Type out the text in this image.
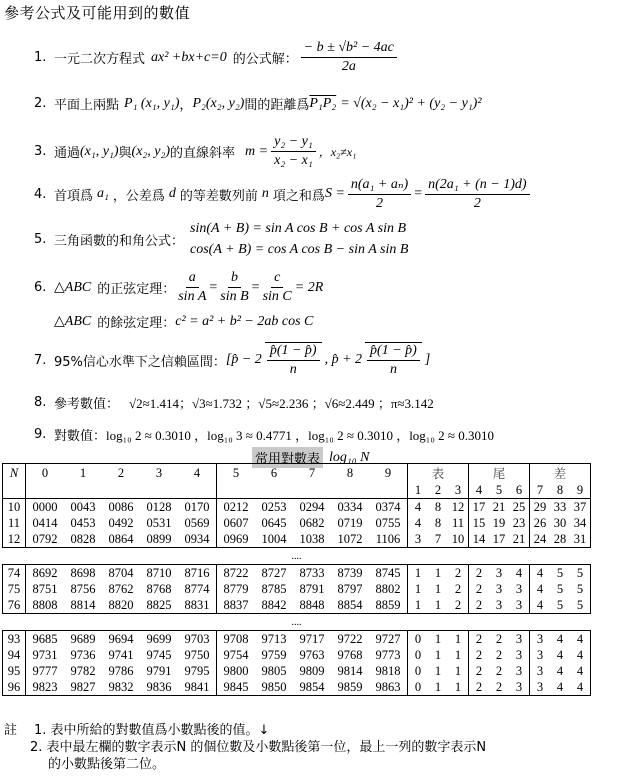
參考公式及可能用到的數值
1. 一元二次方程式 ax² +bx+c=0 的公式解： $\frac{\text{− b ± √b² − 4ac}}{2a}$
2. 平面上兩點 P₁ (x₁, y₁) ， P₂(x₂, y₂) 間的距離爲 P₁P₂ = √(x₂ − x₁)² + (y₂ − y₁)²
3. 通過 (x₁, y₁) 與 (x₂, y₂) 的直線斜率 $m = \frac{\text{y₂ − y₁}}{\text{x₂ − x₁}}$ ，x₂≠x₁
4. 首項爲 a₁ ，公差爲 d 的等差數列前 n 項之和爲 $S = \frac{\text{n(a₁ + aₙ)}}{2} = \frac{\text{n(2a₁ + (n − 1)d)}}{2}$
5. 三角函數的和角公式：
sin(A + B) = sin A cos B + cos A sin B
cos(A + B) = cos A cos B − sin A sin B
6. △ABC 的正弦定理： $\frac{a}{\text{sin A}} = \frac{b}{\text{sin B}} = \frac{c}{\text{sin C}} = 2R$
△ABC 的餘弦定理： c² = a² + b² − 2ab cos C
7. 95%信心水準下之信賴區間： [p̂ − $2 \frac{p̂(1 - p̂)}{n}$ , p̂ + $2 \frac{p̂(1 - p̂)}{n}$ ]
8. 參考數值： √2≈1.414；√3≈1.732 ；√5≈2.236 ；√6≈2.449 ；π≈3.142
9. 對數值： log₁₀ 2 ≈ 0.3010 ，log₁₀ 3 ≈ 0.4771 ，log₁₀ 2 ≈ 0.3010 ，log₁₀ 2 ≈ 0.3010
常用對數表 log₁₀ N
N	0	1	2	3	4	5	6	7	8	9	表			尾			差		
											1	2	3	4	5	6	7	8	9
10	0000	0043	0086	0128	0170	0212	0253	0294	0334	0374	4	8	12	17	21	25	29	33	37
11	0414	0453	0492	0531	0569	0607	0645	0682	0719	0755	4	8	11	15	19	23	26	30	34
12	0792	0828	0864	0899	0934	0969	1004	1038	1072	1106	3	7	10	14	17	21	24	28	31
....																			
74	8692	8698	8704	8710	8716	8722	8727	8733	8739	8745	1	1	2	2	3	4	4	5	5
75	8751	8756	8762	8768	8774	8779	8785	8791	8797	8802	1	1	2	2	3	3	4	5	5
76	8808	8814	8820	8825	8831	8837	8842	8848	8854	8859	1	1	2	2	3	3	4	5	5
....																			
93	9685	9689	9694	9699	9703	9708	9713	9717	9722	9727	0	1	1	2	2	3	3	4	4
94	9731	9736	9741	9745	9750	9754	9759	9763	9768	9773	0	1	1	2	2	3	3	4	4
95	9777	9782	9786	9791	9795	9800	9805	9809	9814	9818	0	1	1	2	2	3	3	4	4
96	9823	9827	9832	9836	9841	9845	9850	9854	9859	9863	0	1	1	2	2	3	3	4	4
註	1. 表中所給的對數值爲小數點後的值。↓
2. 表中最左欄的數字表示N 的個位數及小數點後第一位，最上一列的數字表示N
的小數點後第二位。
